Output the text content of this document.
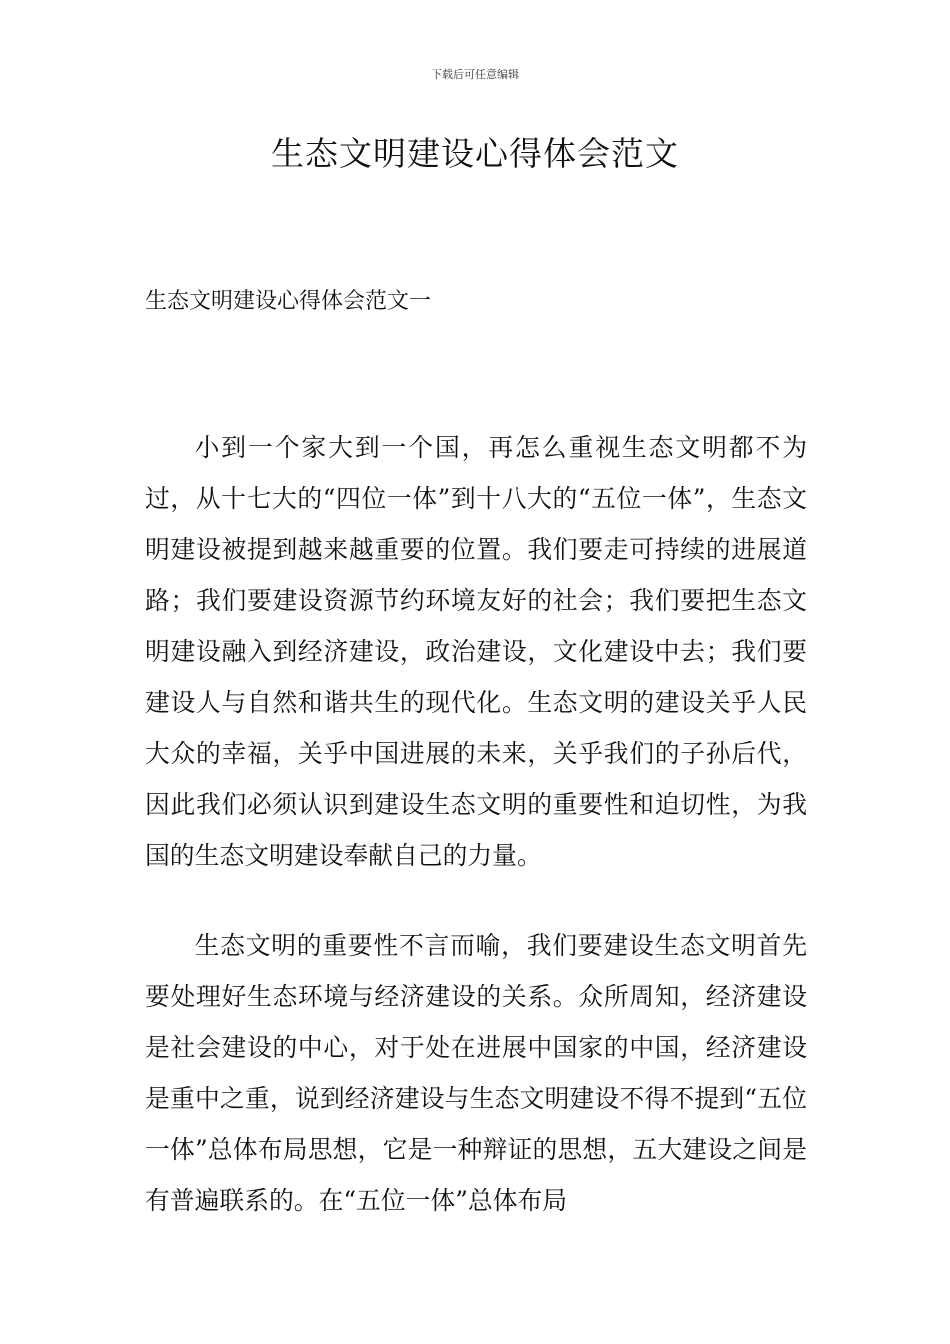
下载后可任意编辑
生态文明建设心得体会范文
生态文明建设心得体会范文一

小到一个家大到一个国，再怎么重视生态文明都不为过，从十七大的“四位一体”到十八大的“五位一体”，生态文明建设被提到越来越重要的位置。我们要走可持续的进展道路；我们要建设资源节约环境友好的社会；我们要把生态文明建设融入到经济建设，政治建设，文化建设中去；我们要建设人与自然和谐共生的现代化。生态文明的建设关乎人民大众的幸福，关乎中国进展的未来，关乎我们的子孙后代，因此我们必须认识到建设生态文明的重要性和迫切性，为我国的生态文明建设奉献自己的力量。

生态文明的重要性不言而喻，我们要建设生态文明首先要处理好生态环境与经济建设的关系。众所周知，经济建设是社会建设的中心，对于处在进展中国家的中国，经济建设是重中之重，说到经济建设与生态文明建设不得不提到“五位一体”总体布局思想，它是一种辩证的思想，五大建设之间是有普遍联系的。在“五位一体”总体布局
